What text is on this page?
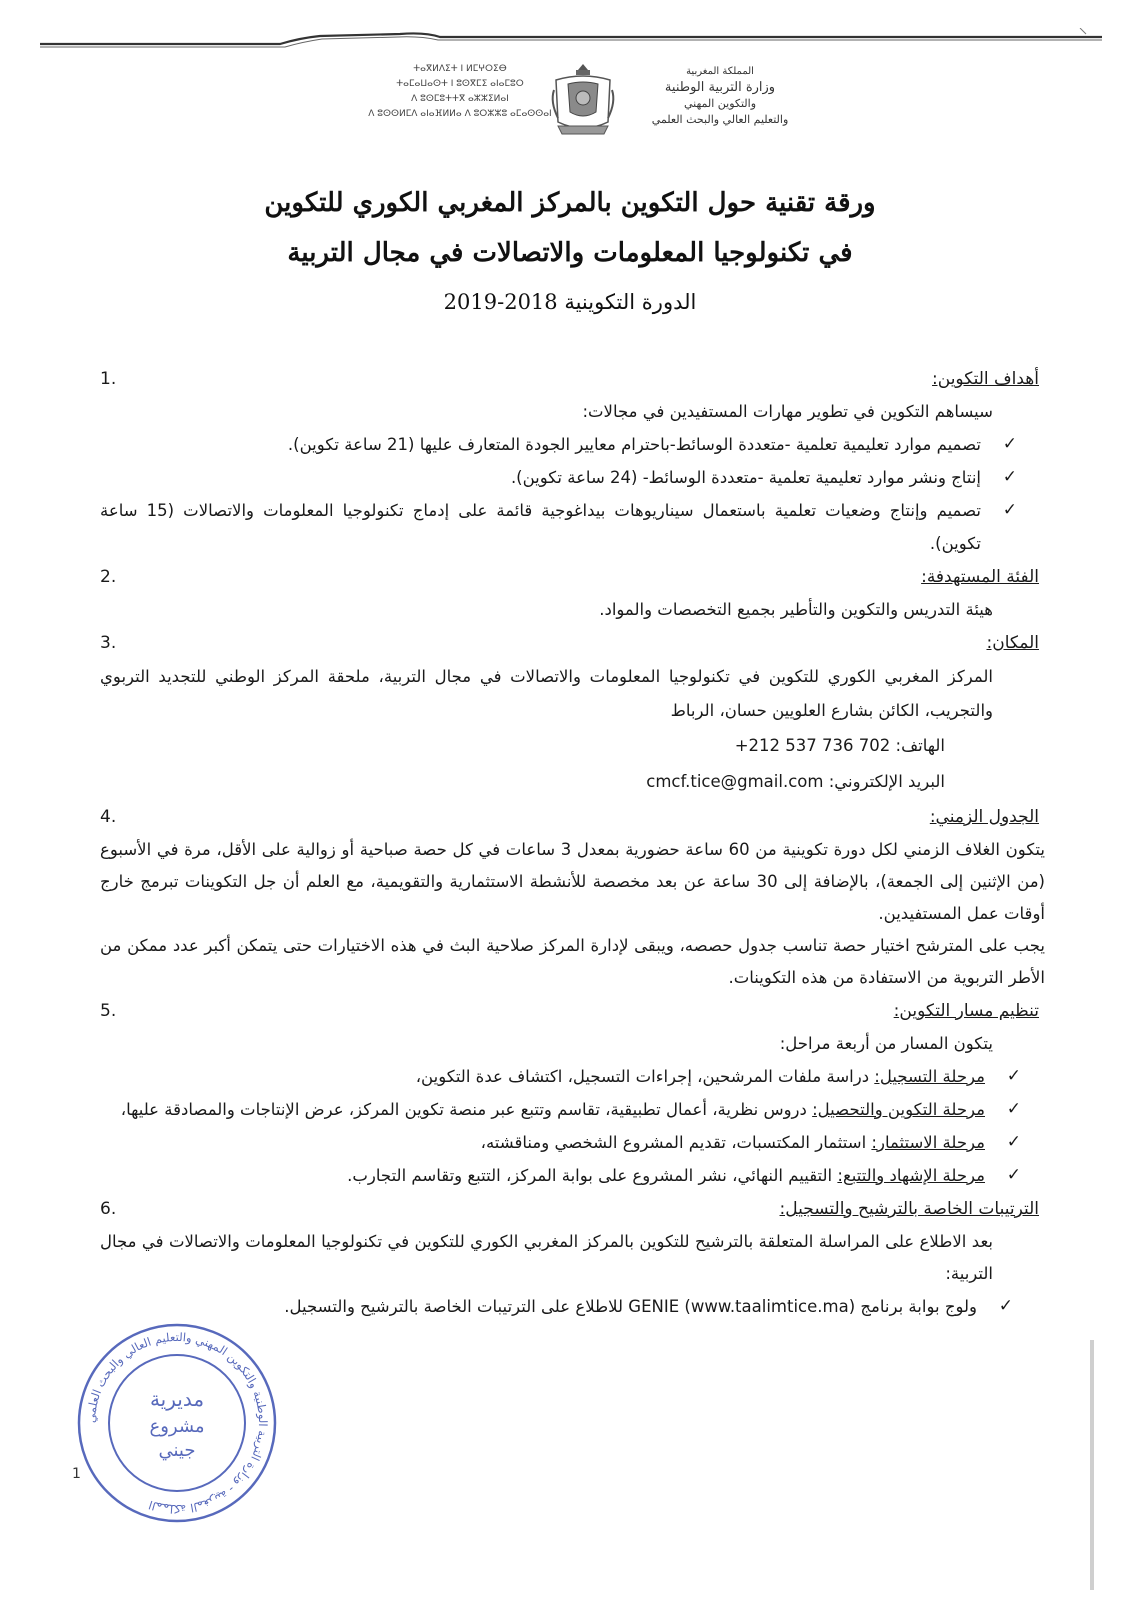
ⵜⴰⴳⵍⴷⵉⵜ ⵏ ⵍⵎⵖⵔⵉⴱ
ⵜⴰⵎⴰⵡⴰⵙⵜ ⵏ ⵓⵙⴳⵎⵉ ⴰⵏⴰⵎⵓⵔ
ⴷ ⵓⵙⵎⵓⵜⵜⴳ ⴰⵣⵣⵉⵍⴰⵏ
ⴷ ⵓⵙⵙⵍⵎⴷ ⴰⵏⴰⴼⵍⵍⴰ ⴷ ⵓⵔⵣⵣⵓ ⴰⵎⴰⵙⵙⴰⵏ
المملكة المغربية
وزارة التربية الوطنية
والتكوين المهني
والتعليم العالي والبحث العلمي
ورقة تقنية حول التكوين بالمركز المغربي الكوري للتكوين
في تكنولوجيا المعلومات والاتصالات في مجال التربية
الدورة التكوينية 2018-2019
أهداف التكوين:
1.
سيساهم التكوين في تطوير مهارات المستفيدين في مجالات:
✓
تصميم موارد تعليمية تعلمية -متعددة الوسائط-باحترام معايير الجودة المتعارف عليها (21 ساعة تكوين).
✓
إنتاج ونشر موارد تعليمية تعلمية -متعددة الوسائط- (24 ساعة تكوين).
✓
تصميم وإنتاج وضعيات تعلمية باستعمال سيناريوهات بيداغوجية قائمة على إدماج تكنولوجيا المعلومات والاتصالات (15 ساعة تكوين).
الفئة المستهدفة:
2.
هيئة التدريس والتكوين والتأطير بجميع التخصصات والمواد.
المكان:
3.
المركز المغربي الكوري للتكوين في تكنولوجيا المعلومات والاتصالات في مجال التربية، ملحقة المركز الوطني للتجديد التربوي والتجريب، الكائن بشارع العلويين حسان، الرباط
الهاتف: +212 537 736 702
البريد الإلكتروني: cmcf.tice@gmail.com
الجدول الزمني:
4.
يتكون الغلاف الزمني لكل دورة تكوينية من 60 ساعة حضورية بمعدل 3 ساعات في كل حصة صباحية أو زوالية على الأقل، مرة في الأسبوع (من الإثنين إلى الجمعة)، بالإضافة إلى 30 ساعة عن بعد مخصصة للأنشطة الاستثمارية والتقويمية، مع العلم أن جل التكوينات تبرمج خارج أوقات عمل المستفيدين.
يجب على المترشح اختيار حصة تناسب جدول حصصه، ويبقى لإدارة المركز صلاحية البث في هذه الاختيارات حتى يتمكن أكبر عدد ممكن من الأطر التربوية من الاستفادة من هذه التكوينات.
تنظيم مسار التكوين:
5.
يتكون المسار من أربعة مراحل:
✓
مرحلة التسجيل: دراسة ملفات المرشحين، إجراءات التسجيل، اكتشاف عدة التكوين،
✓
مرحلة التكوين والتحصيل: دروس نظرية، أعمال تطبيقية، تقاسم وتتبع عبر منصة تكوين المركز، عرض الإنتاجات والمصادقة عليها،
✓
مرحلة الاستثمار: استثمار المكتسبات، تقديم المشروع الشخصي ومناقشته،
✓
مرحلة الإشهاد والتتبع: التقييم النهائي، نشر المشروع على بوابة المركز، التتبع وتقاسم التجارب.
الترتيبات الخاصة بالترشيح والتسجيل:
6.
بعد الاطلاع على المراسلة المتعلقة بالترشيح للتكوين بالمركز المغربي الكوري للتكوين في تكنولوجيا المعلومات والاتصالات في مجال التربية:
✓
ولوج بوابة برنامج GENIE (www.taalimtice.ma) للاطلاع على الترتيبات الخاصة بالترشيح والتسجيل.
المملكة المغربية - وزارة التربية الوطنية والتكوين المهني والتعليم العالي والبحث العلمي
مديرية
مشروع
جيني
1
